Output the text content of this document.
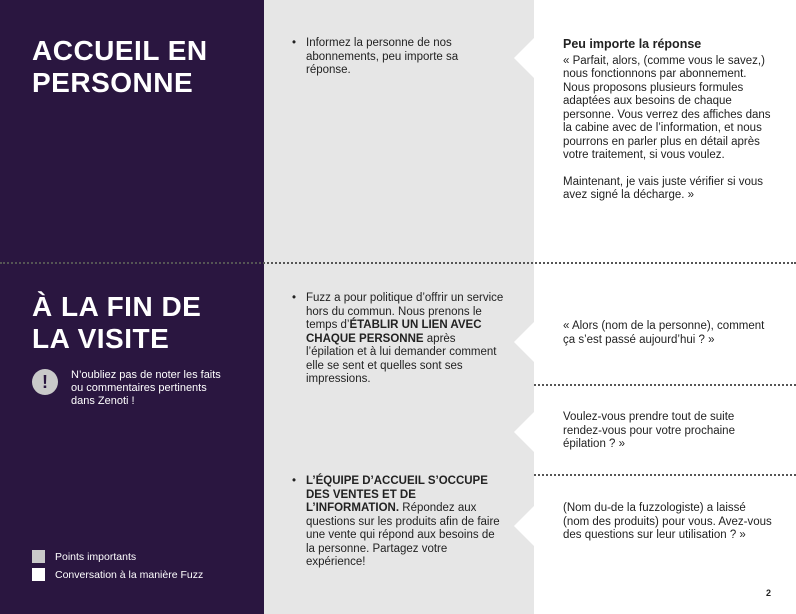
ACCUEIL EN
PERSONNE
• Informez la personne de nos abonnements, peu importe sa réponse.
Peu importe la réponse

« Parfait, alors, (comme vous le savez,) nous fonctionnons par abonnement. Nous proposons plusieurs formules adaptées aux besoins de chaque personne. Vous verrez des affiches dans la cabine avec de l’information, et nous pourrons en parler plus en détail après votre traitement, si vous voulez.

Maintenant, je vais juste vérifier si vous avez signé la décharge. »

À LA FIN DE
LA VISITE
!	N’oubliez pas de noter les faits ou commentaires pertinents dans Zenoti !
• Fuzz a pour politique d’offrir un service hors du commun. Nous prenons le temps d’ÉTABLIR UN LIEN AVEC CHAQUE PERSONNE après l’épilation et à lui demander comment elle se sent et quelles sont ses impressions.
• L’ÉQUIPE D’ACCUEIL S’OCCUPE DES VENTES ET DE L’INFORMATION. Répondez aux questions sur les produits afin de faire une vente qui répond aux besoins de la personne. Partagez votre expérience!
« Alors (nom de la personne), comment ça s’est passé aujourd’hui ? »
Voulez-vous prendre tout de suite rendez-vous pour votre prochaine épilation ? »
(Nom du-de la fuzzologiste) a laissé (nom des produits) pour vous. Avez-vous des questions sur leur utilisation ? »
Points importants
Conversation à la manière Fuzz
2
